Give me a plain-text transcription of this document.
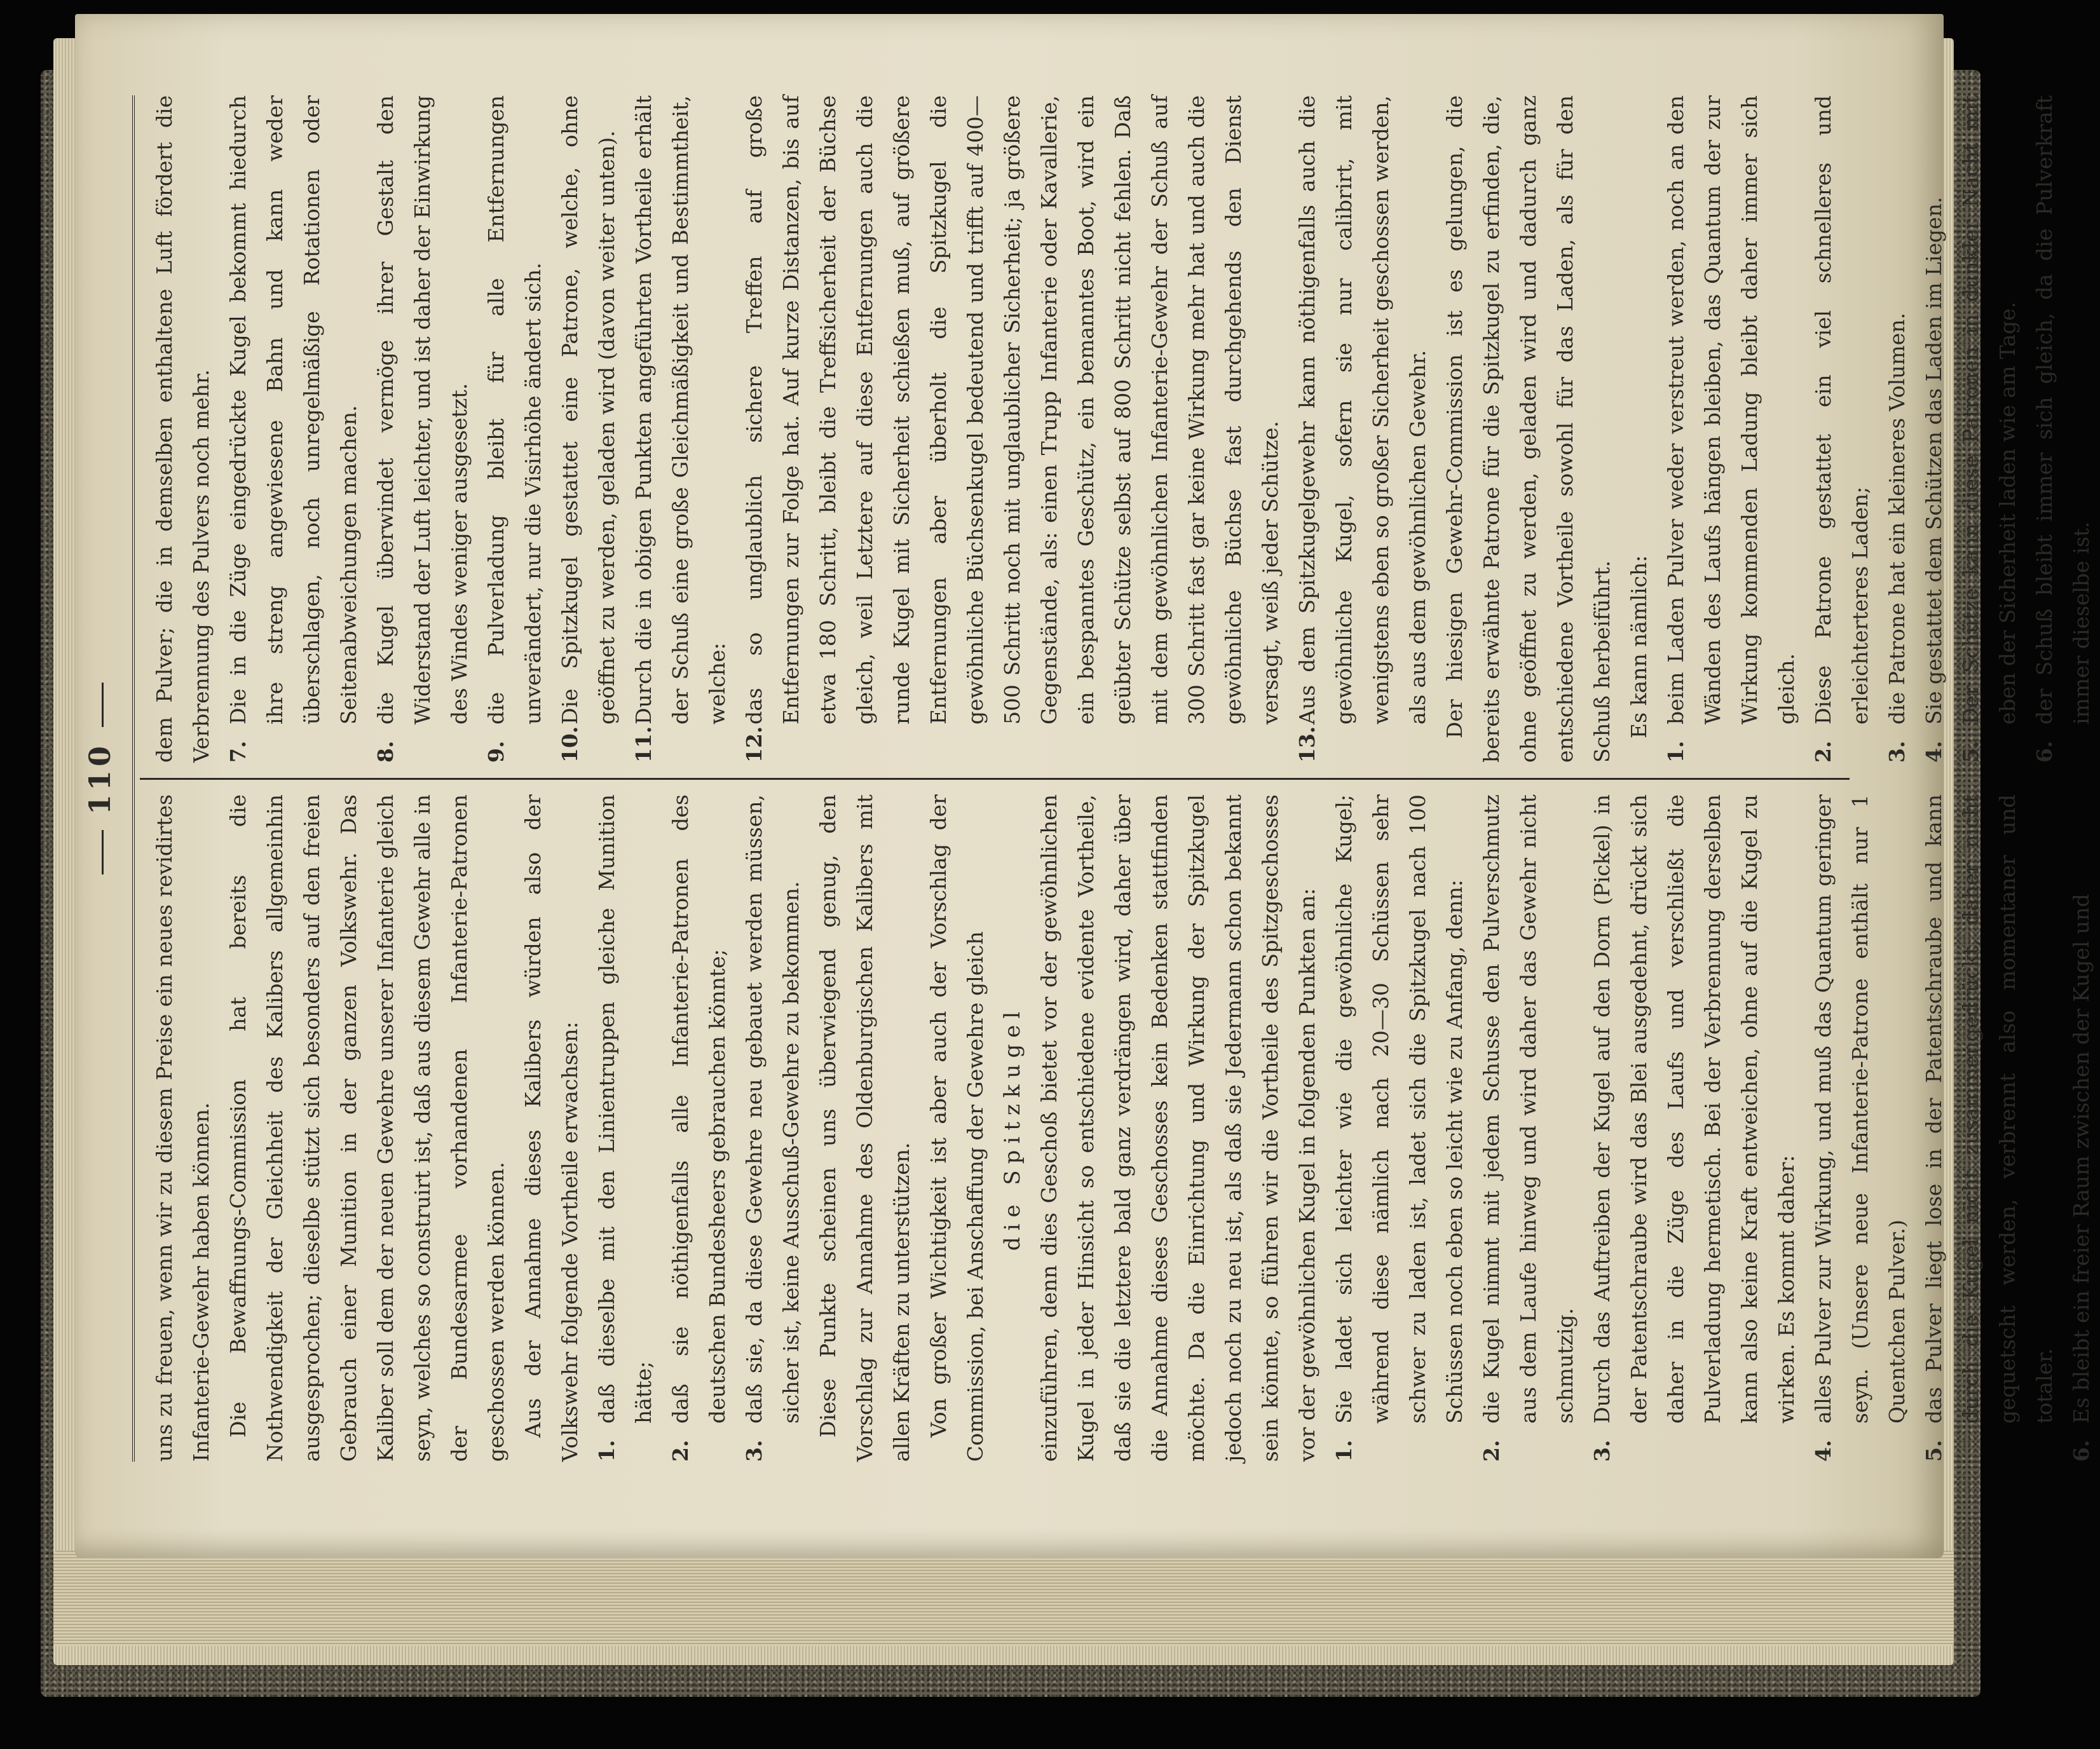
110

uns zu freuen, wenn wir zu diesem Preise ein neues revidirtes Infanterie-Gewehr haben können. Die Bewaffnungs-Commission hat bereits die Nothwendigkeit der Gleichheit des Kalibers allgemeinhin ausgesprochen; dieselbe stützt sich besonders auf den freien Gebrauch einer Munition in der ganzen Volkswehr. Das Kaliber soll dem der neuen Gewehre unserer Infanterie gleich seyn, welches so construirt ist, daß aus diesem Gewehr alle in der Bundesarmee vorhandenen Infanterie-Patronen geschossen werden können. Aus der Annahme dieses Kalibers würden also der Volkswehr folgende Vortheile erwachsen: 1.
daß dieselbe mit den Linientruppen gleiche Munition hätte;
2.
daß sie nöthigenfalls alle Infanterie-Patronen des deutschen Bundesheers gebrauchen könnte;
3.
daß sie, da diese Gewehre neu gebauet werden müssen, sicher ist, keine Ausschuß-Gewehre zu bekommen. Diese Punkte scheinen uns überwiegend genug, den Vorschlag zur Annahme des Oldenburgischen Kalibers mit allen Kräften zu unterstützen. Von großer Wichtigkeit ist aber auch der Vorschlag der Commission, bei Anschaffung der Gewehre gleich die Spitzkugel einzuführen, denn dies Geschoß bietet vor der gewöhnlichen Kugel in jeder Hinsicht so entschiedene evidente Vortheile, daß sie die letztere bald ganz verdrängen wird, daher über die Annahme dieses Geschosses kein Bedenken stattfinden möchte. Da die Einrichtung und Wirkung der Spitzkugel jedoch noch zu neu ist, als daß sie Jedermann schon bekannt sein könnte, so führen wir die Vortheile des Spitzgeschosses vor der gewöhnlichen Kugel in folgenden Punkten an: 1.
Sie ladet sich leichter wie die gewöhnliche Kugel; während diese nämlich nach 20—30 Schüssen sehr schwer zu laden ist, ladet sich die Spitzkugel nach 100 Schüssen noch eben so leicht wie zu Anfang, denn:
2.
die Kugel nimmt mit jedem Schusse den Pulverschmutz aus dem Laufe hinweg und wird daher das Gewehr nicht schmutzig.
3.
Durch das Auftreiben der Kugel auf den Dorn (Pickel) in der Patentschraube wird das Blei ausgedehnt, drückt sich daher in die Züge des Laufs und verschließt die Pulverladung hermetisch. Bei der Verbrennung derselben kann also keine Kraft entweichen, ohne auf die Kugel zu wirken. Es kommt daher:
4.
alles Pulver zur Wirkung, und muß das Quantum geringer seyn. (Unsere neue Infanterie-Patrone enthält nur 1 Quentchen Pulver.)
5.
das Pulver liegt lose in der Patentschraube und kann durch die Kugel nicht zusammengedrückt, daher nicht gequetscht werden, verbrennt also momentaner und totaler.
6.
Es bleibt ein freier Raum zwischen der Kugel und

dem Pulver; die in demselben enthaltene Luft fördert die Verbrennung des Pulvers noch mehr. 7.
Die in die Züge eingedrückte Kugel bekommt hiedurch ihre streng angewiesene Bahn und kann weder überschlagen, noch unregelmäßige Rotationen oder Seitenabweichungen machen.
8.
die Kugel überwindet vermöge ihrer Gestalt den Widerstand der Luft leichter, und ist daher der Einwirkung des Windes weniger ausgesetzt.
9.
die Pulverladung bleibt für alle Entfernungen unverändert, nur die Visirhöhe ändert sich.
10.
Die Spitzkugel gestattet eine Patrone, welche, ohne geöffnet zu werden, geladen wird (davon weiter unten).
11.
Durch die in obigen Punkten angeführten Vortheile erhält der Schuß eine große Gleichmäßigkeit und Bestimmtheit, welche:
12.
das so unglaublich sichere Treffen auf große Entfernungen zur Folge hat. Auf kurze Distanzen, bis auf etwa 180 Schritt, bleibt die Treffsicherheit der Büchse gleich, weil Letztere auf diese Entfernungen auch die runde Kugel mit Sicherheit schießen muß, auf größere Entfernungen aber überholt die Spitzkugel die gewöhnliche Büchsenkugel bedeutend und trifft auf 400—500 Schritt noch mit unglaublicher Sicherheit; ja größere Gegenstände, als: einen Trupp Infanterie oder Kavallerie, ein bespanntes Geschütz, ein bemanntes Boot, wird ein geübter Schütze selbst auf 800 Schritt nicht fehlen. Daß mit dem gewöhnlichen Infanterie-Gewehr der Schuß auf 300 Schritt fast gar keine Wirkung mehr hat und auch die gewöhnliche Büchse fast durchgehends den Dienst versagt, weiß jeder Schütze.
13.
Aus dem Spitzkugelgewehr kann nöthigenfalls auch die gewöhnliche Kugel, sofern sie nur calibrirt, mit wenigstens eben so großer Sicherheit geschossen werden, als aus dem gewöhnlichen Gewehr. Der hiesigen Gewehr-Commission ist es gelungen, die bereits erwähnte Patrone für die Spitzkugel zu erfinden, die, ohne geöffnet zu werden, geladen wird und dadurch ganz entschiedene Vortheile sowohl für das Laden, als für den Schuß herbeiführt. Es kann nämlich:

1.
beim Laden Pulver weder verstreut werden, noch an den Wänden des Laufs hängen bleiben, das Quantum der zur Wirkung kommenden Ladung bleibt daher immer sich gleich.
2.
Diese Patrone gestattet ein viel schnelleres und erleichterteres Laden;
3.
die Patrone hat ein kleineres Volumen.
4.
Sie gestattet dem Schützen das Laden im Liegen.
5.
Der Schütze kann diese Patronen in dunkler Nacht mit eben der Sicherheit laden wie am Tage.
6.
der Schuß bleibt immer sich gleich, da die Pulverkraft immer dieselbe ist.
